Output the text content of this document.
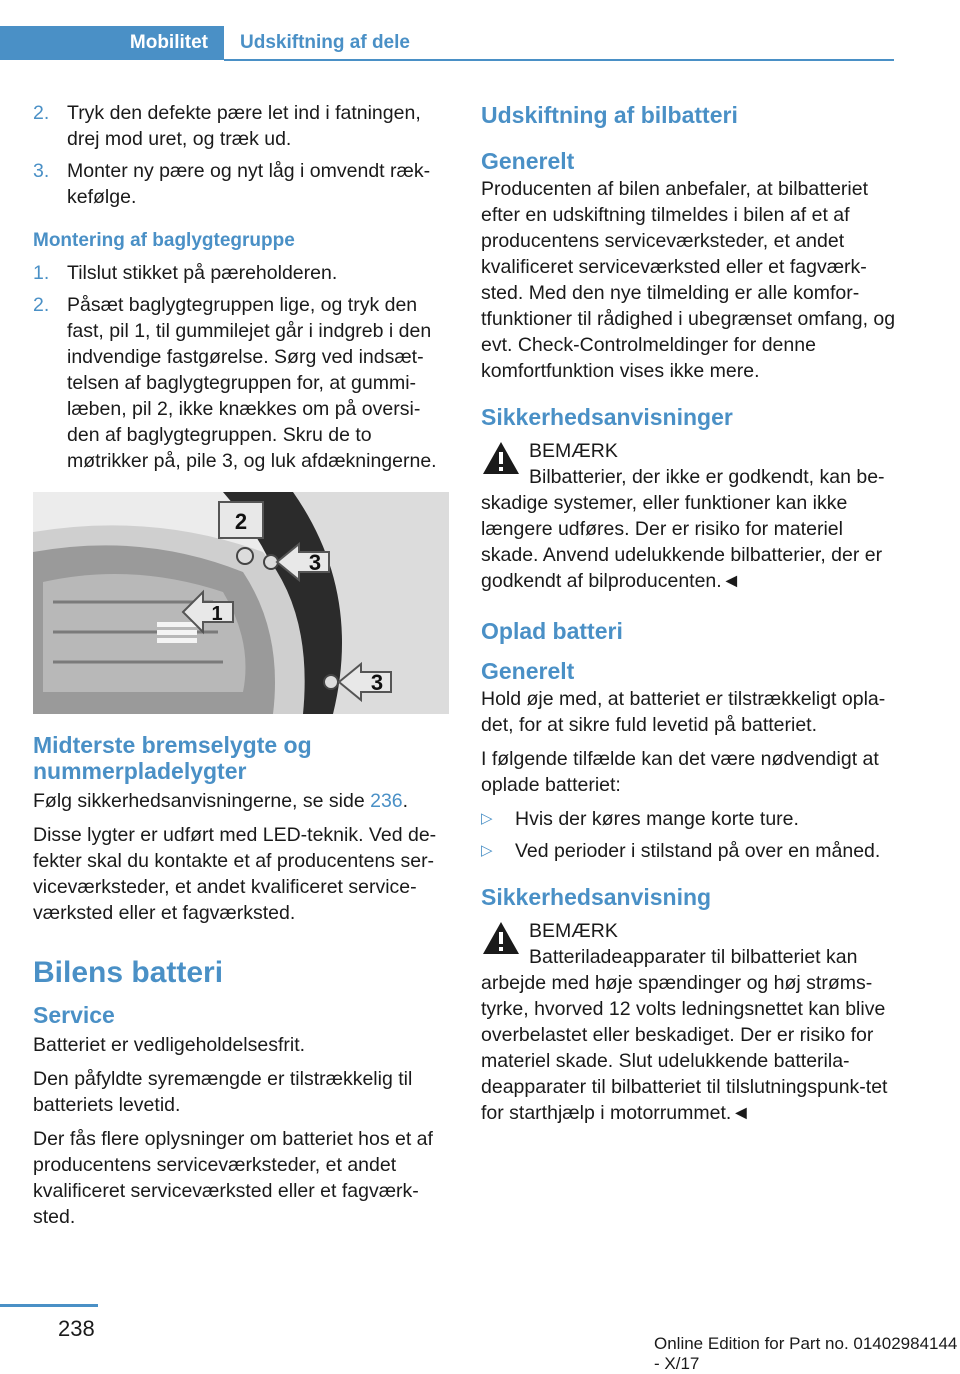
Mobilitet	Udskiftning af dele
2. Tryk den defekte pære let ind i fatningen, drej mod uret, og træk ud.
3. Monter ny pære og nyt låg i omvendt ræk-kefølge.
Montering af baglygtegruppe
1. Tilslut stikket på pæreholderen.
2. Påsæt baglygtegruppen lige, og tryk den fast, pil 1, til gummilejet går i indgreb i den indvendige fastgørelse. Sørg ved indsæt-telsen af baglygtegruppen for, at gummi-læben, pil 2, ikke knækkes om på oversi-den af baglygtegruppen. Skru de to møtrikker på, pile 3, og luk afdækningerne.
2
3
1
3
Midterste bremselygte og nummerpladelygter

Følg sikkerhedsanvisningerne, se side 236.

Disse lygter er udført med LED-teknik. Ved de-fekter skal du kontakte et af producentens ser-viceværksteder, et andet kvalificeret service-værksted eller et fagværksted.

Bilens batteri
Service

Batteriet er vedligeholdelsesfrit.

Den påfyldte syremængde er tilstrækkelig til batteriets levetid.

Der fås flere oplysninger om batteriet hos et af producentens serviceværksteder, et andet kvalificeret serviceværksted eller et fagværk-sted.

Udskiftning af bilbatteri
Generelt

Producenten af bilen anbefaler, at bilbatteriet efter en udskiftning tilmeldes i bilen af et af producentens serviceværksteder, et andet kvalificeret serviceværksted eller et fagværk-sted. Med den nye tilmelding er alle komfor-tfunktioner til rådighed i ubegrænset omfang, og evt. Check-Controlmeldinger for denne komfortfunktion vises ikke mere.

Sikkerhedsanvisninger
BEMÆRK

Bilbatterier, der ikke er godkendt, kan be-skadige systemer, eller funktioner kan ikke længere udføres. Der er risiko for materiel skade. Anvend udelukkende bilbatterier, der er godkendt af bilproducenten.◄

Oplad batteri
Generelt

Hold øje med, at batteriet er tilstrækkeligt opla-det, for at sikre fuld levetid på batteriet.

I følgende tilfælde kan det være nødvendigt at oplade batteriet:

▷ Hvis der køres mange korte ture.
▷ Ved perioder i stilstand på over en måned.
Sikkerhedsanvisning
BEMÆRK

Batteriladeapparater til bilbatteriet kan arbejde med høje spændinger og høj strøms-tyrke, hvorved 12 volts ledningsnettet kan blive overbelastet eller beskadiget. Der er risiko for materiel skade. Slut udelukkende batterila-deapparater til bilbatteriet til tilslutningspunk-tet for starthjælp i motorrummet.◄

238
Online Edition for Part no. 01402984144 - X/17
